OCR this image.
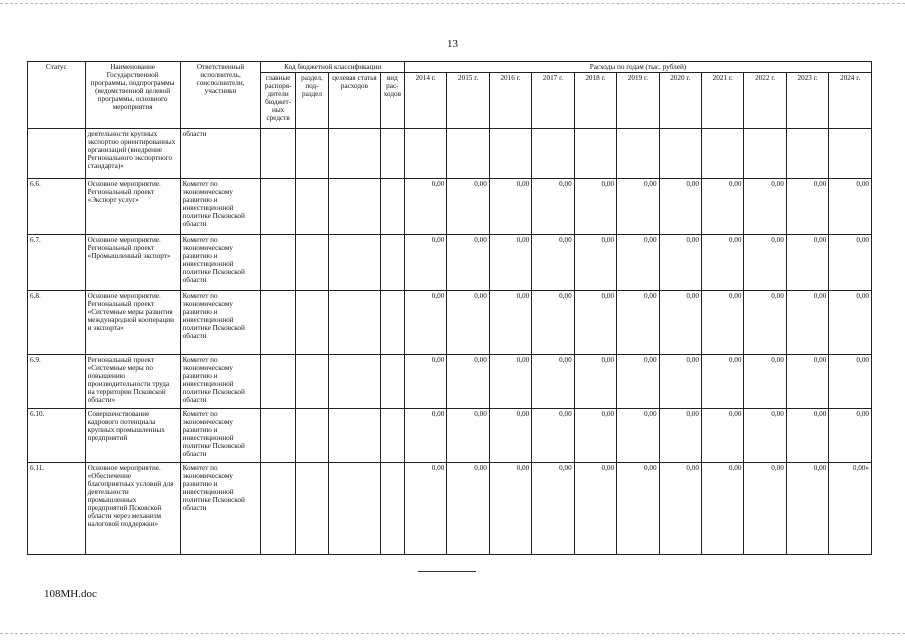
13
Статус	Наименование Государственной программы, подпрограммы (ведомственной целевой программы, основного мероприятия	Ответственный исполнитель, соисполнители, участники	Код бюджетной классификации				Расходы по годам (тыс. рублей)										
			главные распоря-дители бюджет-ных средств	раздел, под-раздел	целевая статья расходов	вид рас-ходов	2014 г.	2015 г.	2016 г.	2017 г.	2018 г.	2019 г.	2020 г.	2021 г.	2022 г.	2023 г.	2024 г.
	деятельности крупных экспортно ориентированных организаций (внедрение Регионального экспортного стандарта)»	области															
6.6.	Основное мероприятие. Региональный проект «Экспорт услуг»	Комитет по экономическому развитию и инвестиционной политике Псковской области					0,00	0,00	0,00	0,00	0,00	0,00	0,00	0,00	0,00	0,00	0,00
6.7.	Основное мероприятие. Региональный проект «Промышленный экспорт»	Комитет по экономическому развитию и инвестиционной политике Псковской области					0,00	0,00	0,00	0,00	0,00	0,00	0,00	0,00	0,00	0,00	0,00
6.8.	Основное мероприятие. Региональный проект «Системные меры развития международной кооперации и экспорта»	Комитет по экономическому развитию и инвестиционной политике Псковской области					0,00	0,00	0,00	0,00	0,00	0,00	0,00	0,00	0,00	0,00	0,00
6.9.	Региональный проект «Системные меры по повышению производительности труда на территории Псковской области»	Комитет по экономическому развитию и инвестиционной политике Псковской области					0,00	0,00	0,00	0,00	0,00	0,00	0,00	0,00	0,00	0,00	0,00
6.10.	Совершенствование кадрового потенциала крупных промышленных предприятий	Комитет по экономическому развитию и инвестиционной политике Псковской области					0,00	0,00	0,00	0,00	0,00	0,00	0,00	0,00	0,00	0,00	0,00
6.11.	Основное мероприятие. «Обеспечение благоприятных условий для деятельности промышленных предприятий Псковской области через механизм налоговой поддержки»	Комитет по экономическому развитию и инвестиционной политике Псковской области					0,00	0,00	0,00	0,00	0,00	0,00	0,00	0,00	0,00	0,00	0,00»
108МН.doc
